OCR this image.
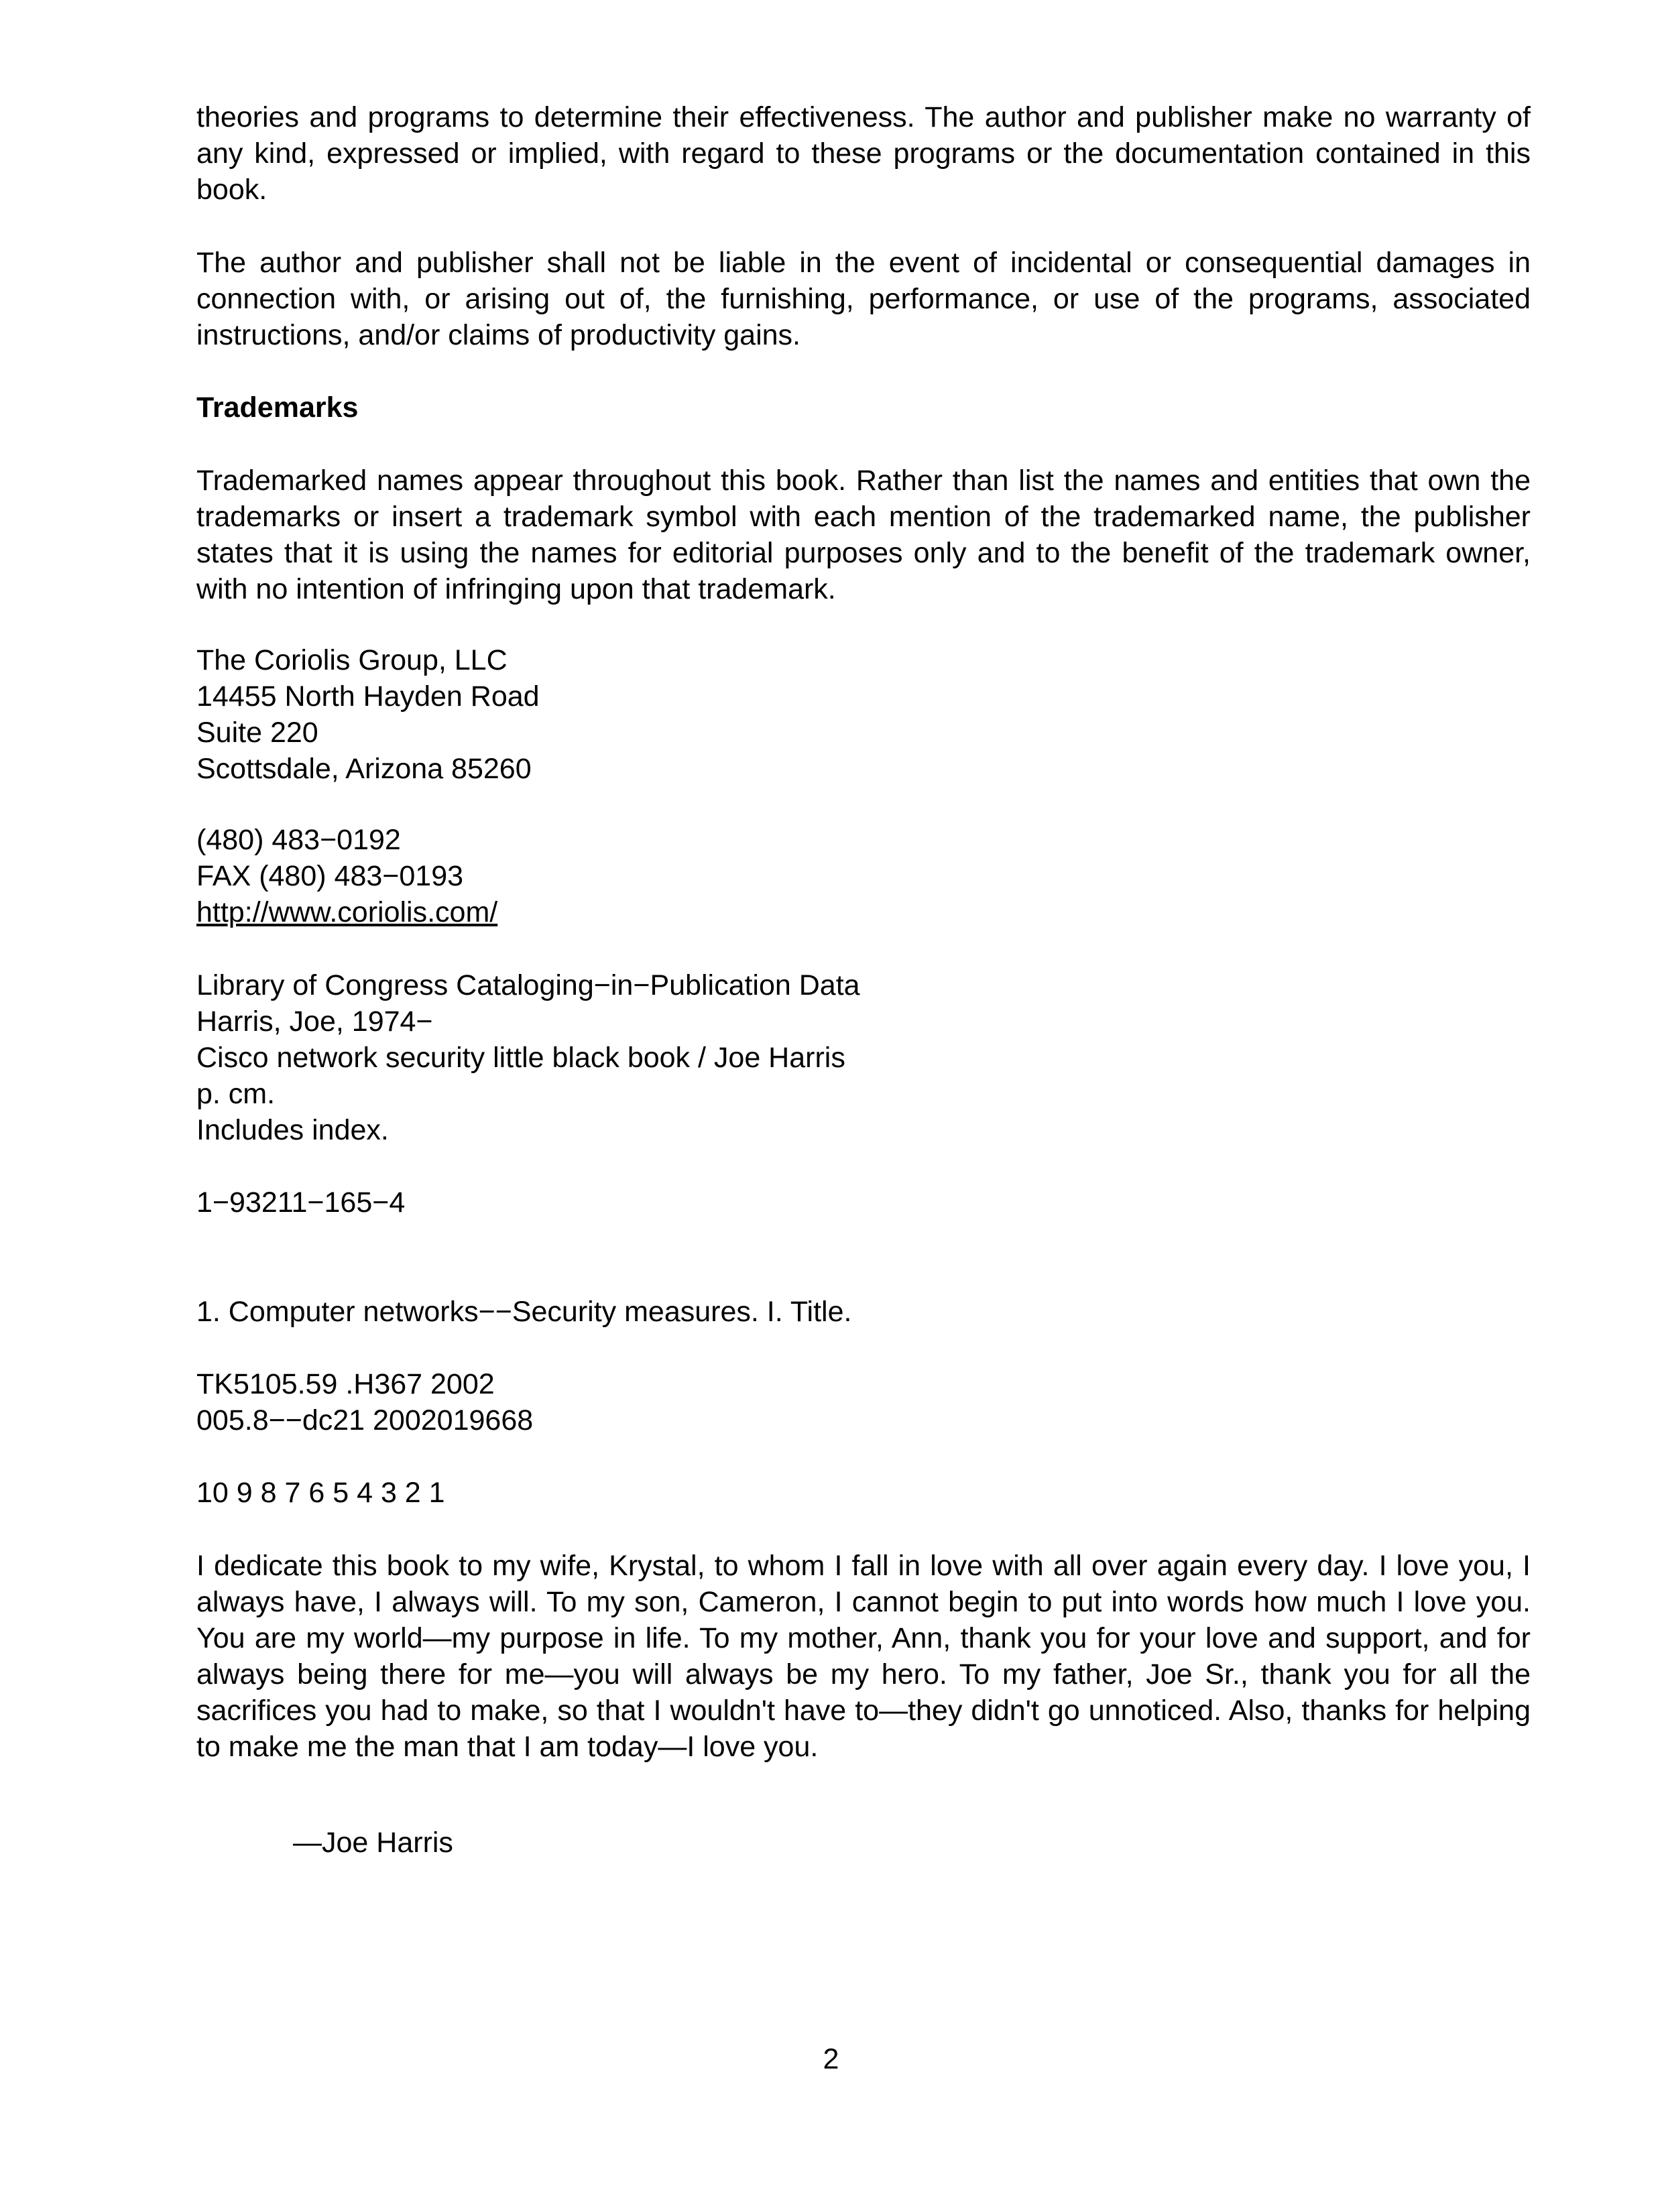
theories and programs to determine their effectiveness. The author and publisher make no warranty of any kind, expressed or implied, with regard to these programs or the documentation contained in this book.

The author and publisher shall not be liable in the event of incidental or consequential damages in connection with, or arising out of, the furnishing, performance, or use of the programs, associated instructions, and/or claims of productivity gains.

Trademarks

Trademarked names appear throughout this book. Rather than list the names and entities that own the trademarks or insert a trademark symbol with each mention of the trademarked name, the publisher states that it is using the names for editorial purposes only and to the benefit of the trademark owner, with no intention of infringing upon that trademark.

The Coriolis Group, LLC
14455 North Hayden Road
Suite 220
Scottsdale, Arizona 85260
(480) 483−0192
FAX (480) 483−0193
http://www.coriolis.com/
Library of Congress Cataloging−in−Publication Data
Harris, Joe, 1974−
Cisco network security little black book / Joe Harris
p. cm.
Includes index.

1−93211−165−4

1. Computer networks−−Security measures. I. Title.

TK5105.59 .H367 2002
005.8−−dc21 2002019668

10 9 8 7 6 5 4 3 2 1

I dedicate this book to my wife, Krystal, to whom I fall in love with all over again every day. I love you, I always have, I always will. To my son, Cameron, I cannot begin to put into words how much I love you. You are my world—my purpose in life. To my mother, Ann, thank you for your love and support, and for always being there for me—you will always be my hero. To my father, Joe Sr., thank you for all the sacrifices you had to make, so that I wouldn't have to—they didn't go unnoticed. Also, thanks for helping to make me the man that I am today—I love you.

—Joe Harris
2
